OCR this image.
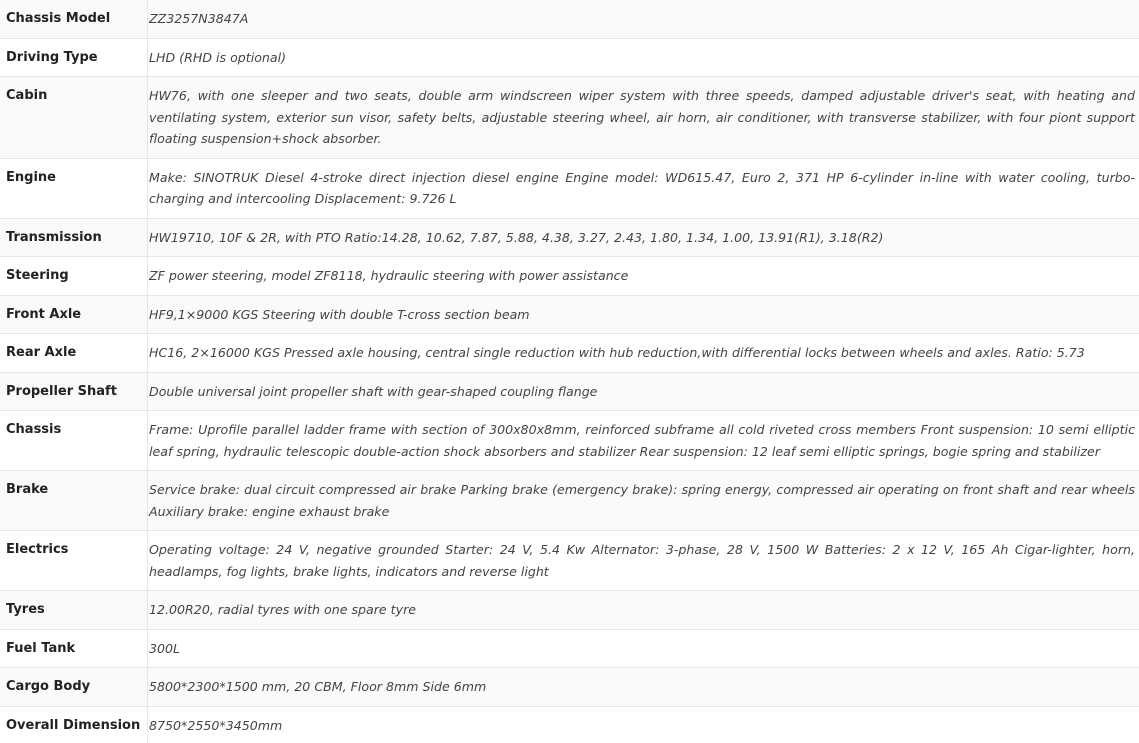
Chassis Model	ZZ3257N3847A
Driving Type	LHD (RHD is optional)
Cabin	HW76, with one sleeper and two seats, double arm windscreen wiper system with three speeds, damped adjustable driver's seat, with heating and ventilating system, exterior sun visor, safety belts, adjustable steering wheel, air horn, air conditioner, with transverse stabilizer, with four piont support floating suspension+shock absorber.
Engine	Make: SINOTRUK Diesel 4-stroke direct injection diesel engine Engine model: WD615.47, Euro 2, 371 HP 6-cylinder in-line with water cooling, turbo-charging and intercooling Displacement: 9.726 L
Transmission	HW19710, 10F & 2R, with PTO Ratio:14.28, 10.62, 7.87, 5.88, 4.38, 3.27, 2.43, 1.80, 1.34, 1.00, 13.91(R1), 3.18(R2)
Steering	ZF power steering, model ZF8118, hydraulic steering with power assistance
Front Axle	HF9,1×9000 KGS Steering with double T-cross section beam
Rear Axle	HC16, 2×16000 KGS Pressed axle housing, central single reduction with hub reduction,with differential locks between wheels and axles. Ratio: 5.73
Propeller Shaft	Double universal joint propeller shaft with gear-shaped coupling flange
Chassis	Frame: Uprofile parallel ladder frame with section of 300x80x8mm, reinforced subframe all cold riveted cross members Front suspension: 10 semi elliptic leaf spring, hydraulic telescopic double-action shock absorbers and stabilizer Rear suspension: 12 leaf semi elliptic springs, bogie spring and stabilizer
Brake	Service brake: dual circuit compressed air brake Parking brake (emergency brake): spring energy, compressed air operating on front shaft and rear wheels Auxiliary brake: engine exhaust brake
Electrics	Operating voltage: 24 V, negative grounded Starter: 24 V, 5.4 Kw Alternator: 3-phase, 28 V, 1500 W Batteries: 2 x 12 V, 165 Ah Cigar-lighter, horn, headlamps, fog lights, brake lights, indicators and reverse light
Tyres	12.00R20, radial tyres with one spare tyre
Fuel Tank	300L
Cargo Body	5800*2300*1500 mm, 20 CBM, Floor 8mm Side 6mm
Overall Dimension	8750*2550*3450mm
